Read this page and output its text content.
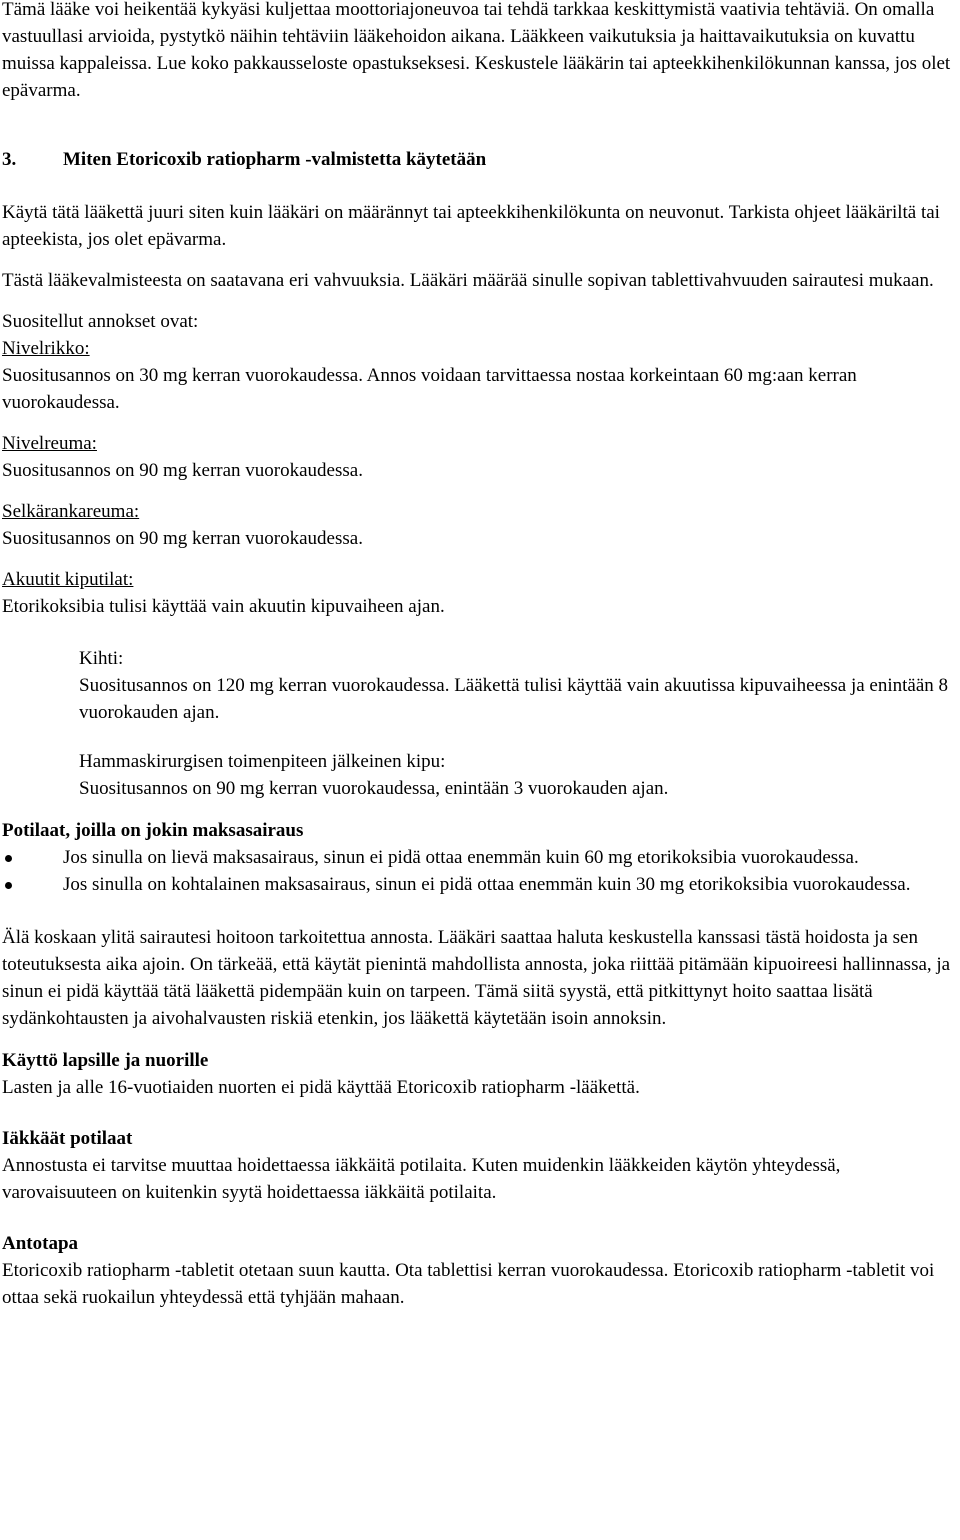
Tämä lääke voi heikentää kykyäsi kuljettaa moottoriajoneuvoa tai tehdä tarkkaa keskittymistä vaativia tehtäviä. On omalla vastuullasi arvioida, pystytkö näihin tehtäviin lääkehoidon aikana. Lääkkeen vaikutuksia ja haittavaikutuksia on kuvattu muissa kappaleissa. Lue koko pakkausseloste opastukseksesi. Keskustele lääkärin tai apteekkihenkilökunnan kanssa, jos olet epävarma.

3. Miten Etoricoxib ratiopharm -valmistetta käytetään

Käytä tätä lääkettä juuri siten kuin lääkäri on määrännyt tai apteekkihenkilökunta on neuvonut. Tarkista ohjeet lääkäriltä tai apteekista, jos olet epävarma.

Tästä lääkevalmisteesta on saatavana eri vahvuuksia. Lääkäri määrää sinulle sopivan tablettivahvuuden sairautesi mukaan.

Suositellut annokset ovat:

Nivelrikko:

Suositusannos on 30 mg kerran vuorokaudessa. Annos voidaan tarvittaessa nostaa korkeintaan 60 mg:aan kerran vuorokaudessa.

Nivelreuma:

Suositusannos on 90 mg kerran vuorokaudessa.

Selkärankareuma:

Suositusannos on 90 mg kerran vuorokaudessa.

Akuutit kiputilat:

Etorikoksibia tulisi käyttää vain akuutin kipuvaiheen ajan.

Kihti:

Suositusannos on 120 mg kerran vuorokaudessa. Lääkettä tulisi käyttää vain akuutissa kipuvaiheessa ja enintään 8 vuorokauden ajan.

Hammaskirurgisen toimenpiteen jälkeinen kipu:

Suositusannos on 90 mg kerran vuorokaudessa, enintään 3 vuorokauden ajan.

Potilaat, joilla on jokin maksasairaus

Jos sinulla on lievä maksasairaus, sinun ei pidä ottaa enemmän kuin 60 mg etorikoksibia vuorokaudessa.
Jos sinulla on kohtalainen maksasairaus, sinun ei pidä ottaa enemmän kuin 30 mg etorikoksibia vuorokaudessa.

Älä koskaan ylitä sairautesi hoitoon tarkoitettua annosta. Lääkäri saattaa haluta keskustella kanssasi tästä hoidosta ja sen toteutuksesta aika ajoin. On tärkeää, että käytät pienintä mahdollista annosta, joka riittää pitämään kipuoireesi hallinnassa, ja sinun ei pidä käyttää tätä lääkettä pidempään kuin on tarpeen. Tämä siitä syystä, että pitkittynyt hoito saattaa lisätä sydänkohtausten ja aivohalvausten riskiä etenkin, jos lääkettä käytetään isoin annoksin.

Käyttö lapsille ja nuorille

Lasten ja alle 16-vuotiaiden nuorten ei pidä käyttää Etoricoxib ratiopharm -lääkettä.

Iäkkäät potilaat

Annostusta ei tarvitse muuttaa hoidettaessa iäkkäitä potilaita. Kuten muidenkin lääkkeiden käytön yhteydessä, varovaisuuteen on kuitenkin syytä hoidettaessa iäkkäitä potilaita.

Antotapa

Etoricoxib ratiopharm -tabletit otetaan suun kautta. Ota tablettisi kerran vuorokaudessa. Etoricoxib ratiopharm -tabletit voi ottaa sekä ruokailun yhteydessä että tyhjään mahaan.
